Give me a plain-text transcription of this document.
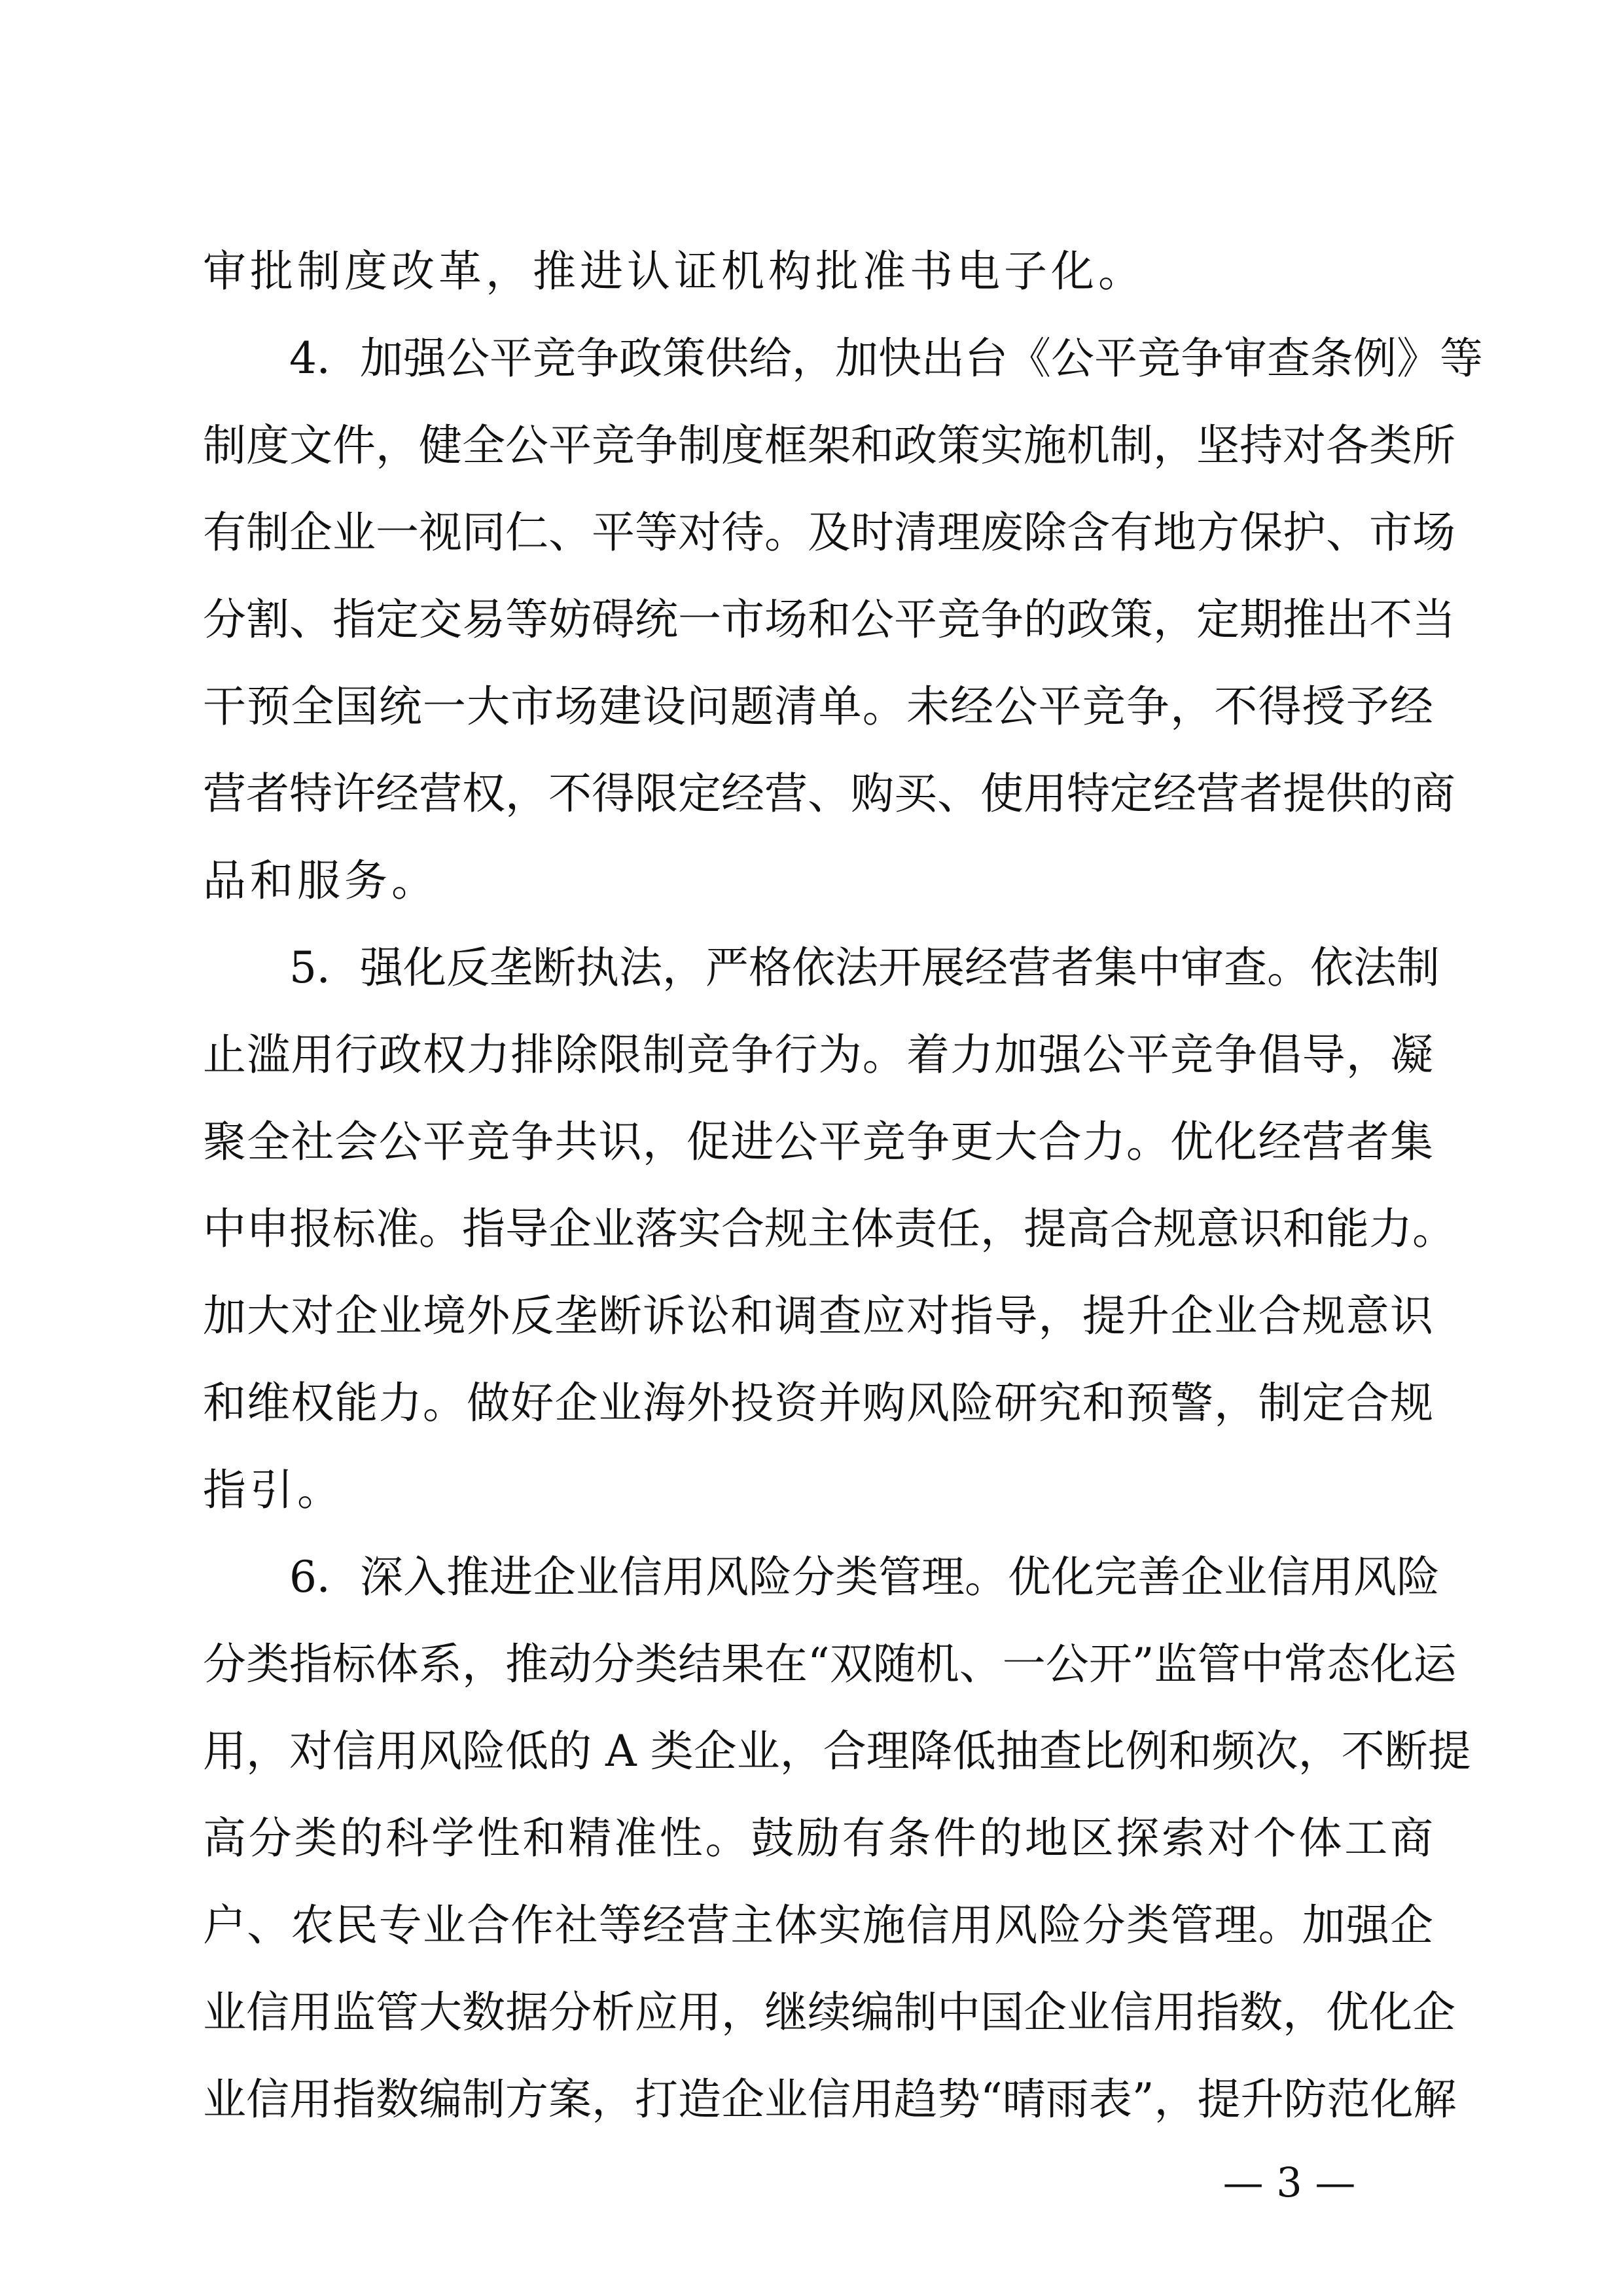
审批制度改革，推进认证机构批准书电子化。
4．加强公平竞争政策供给，加快出台《公平竞争审查条例》等
制度文件，健全公平竞争制度框架和政策实施机制，坚持对各类所
有制企业一视同仁、平等对待。及时清理废除含有地方保护、市场
分割、指定交易等妨碍统一市场和公平竞争的政策，定期推出不当
干预全国统一大市场建设问题清单。未经公平竞争，不得授予经
营者特许经营权，不得限定经营、购买、使用特定经营者提供的商
品和服务。
5．强化反垄断执法，严格依法开展经营者集中审查。依法制
止滥用行政权力排除限制竞争行为。着力加强公平竞争倡导，凝
聚全社会公平竞争共识，促进公平竞争更大合力。优化经营者集
中申报标准。指导企业落实合规主体责任，提高合规意识和能力。
加大对企业境外反垄断诉讼和调查应对指导，提升企业合规意识
和维权能力。做好企业海外投资并购风险研究和预警，制定合规
指引。
6．深入推进企业信用风险分类管理。优化完善企业信用风险
分类指标体系，推动分类结果在“双随机、一公开”监管中常态化运
用，对信用风险低的 A 类企业，合理降低抽查比例和频次，不断提
高分类的科学性和精准性。鼓励有条件的地区探索对个体工商
户、农民专业合作社等经营主体实施信用风险分类管理。加强企
业信用监管大数据分析应用，继续编制中国企业信用指数，优化企
业信用指数编制方案，打造企业信用趋势“晴雨表”，提升防范化解
— 3 —
